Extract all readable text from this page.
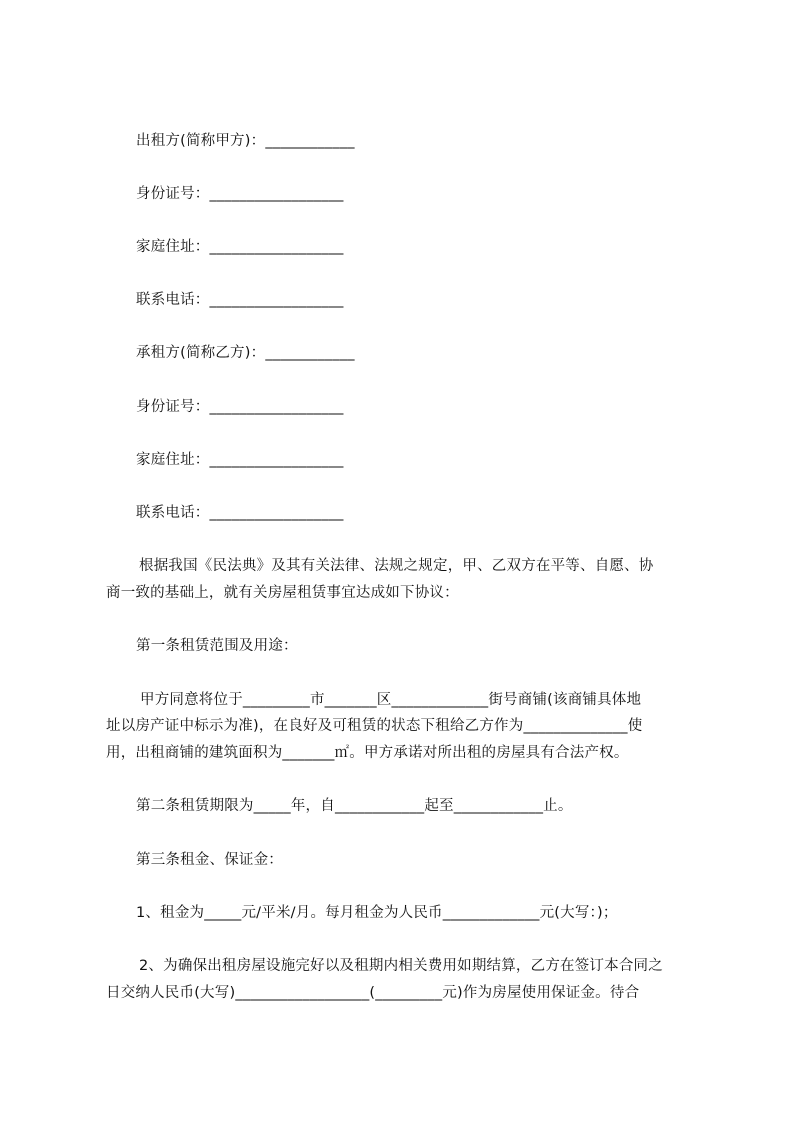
出租方(简称甲方)：____________
身份证号：__________________
家庭住址：__________________
联系电话：__________________
承租方(简称乙方)：____________
身份证号：__________________
家庭住址：__________________
联系电话：__________________
根据我国《民法典》及其有关法律、法规之规定，甲、乙双方在平等、自愿、协
商一致的基础上，就有关房屋租赁事宜达成如下协议：
第一条租赁范围及用途：
甲方同意将位于_________市_______区_____________街号商铺(该商铺具体地
址以房产证中标示为准)，在良好及可租赁的状态下租给乙方作为______________使
用，出租商铺的建筑面积为_______㎡。甲方承诺对所出租的房屋具有合法产权。
第二条租赁期限为_____年，自____________起至____________止。
第三条租金、保证金：
1、租金为_____元/平米/月。每月租金为人民币_____________元(大写：)；
2、为确保出租房屋设施完好以及租期内相关费用如期结算，乙方在签订本合同之
日交纳人民币(大写)__________________(_________元)作为房屋使用保证金。待合
